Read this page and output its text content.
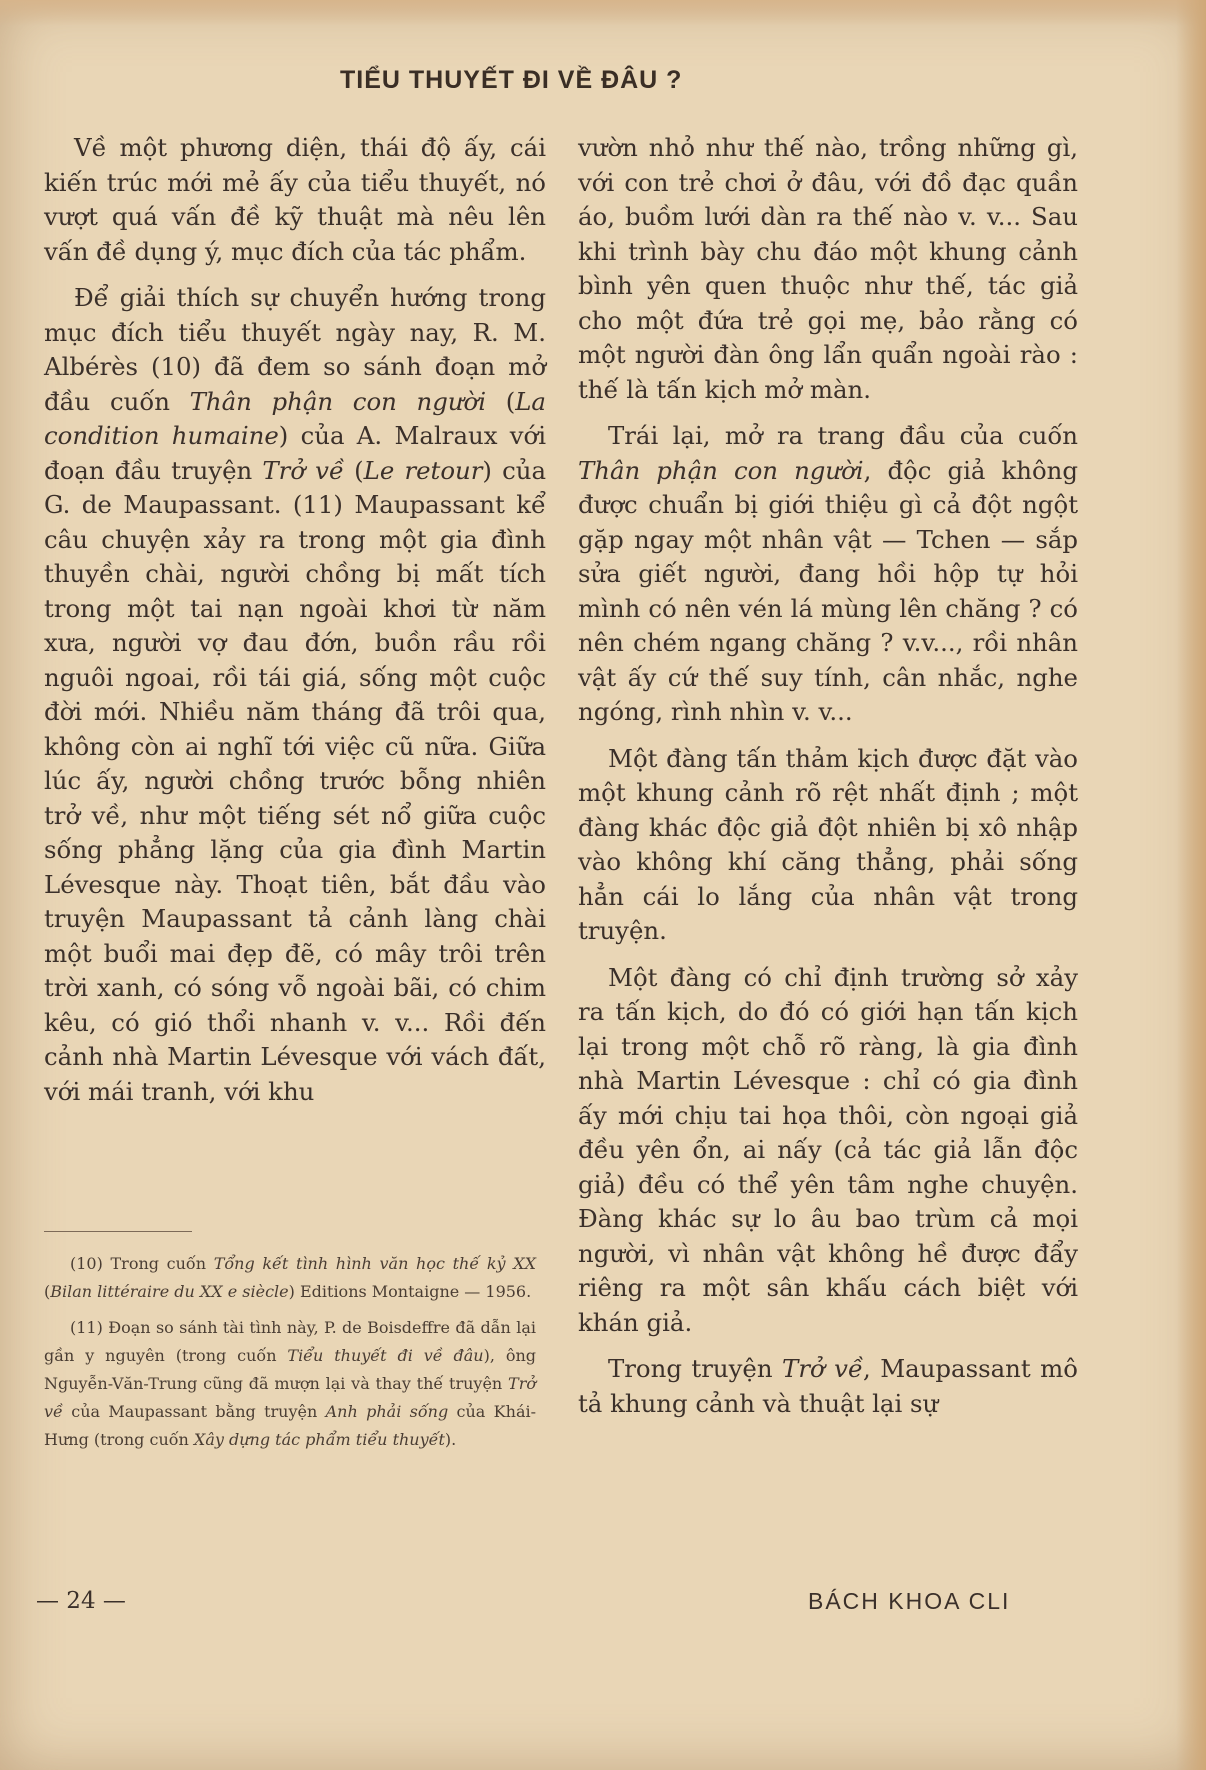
TIỂU THUYẾT ĐI VỀ ĐÂU ?

Về một phương diện, thái độ ấy, cái kiến trúc mới mẻ ấy của tiểu thuyết, nó vượt quá vấn đề kỹ thuật mà nêu lên vấn đề dụng ý, mục đích của tác phẩm.

Để giải thích sự chuyển hướng trong mục đích tiểu thuyết ngày nay, R. M. Albérès (10) đã đem so sánh đoạn mở đầu cuốn Thân phận con người (La condition humaine) của A. Malraux với đoạn đầu truyện Trở về (Le retour) của G. de Maupassant. (11) Maupassant kể câu chuyện xảy ra trong một gia đình thuyền chài, người chồng bị mất tích trong một tai nạn ngoài khơi từ năm xưa, người vợ đau đớn, buồn rầu rồi nguôi ngoai, rồi tái giá, sống một cuộc đời mới. Nhiều năm tháng đã trôi qua, không còn ai nghĩ tới việc cũ nữa. Giữa lúc ấy, người chồng trước bỗng nhiên trở về, như một tiếng sét nổ giữa cuộc sống phẳng lặng của gia đình Martin Lévesque này. Thoạt tiên, bắt đầu vào truyện Maupassant tả cảnh làng chài một buổi mai đẹp đẽ, có mây trôi trên trời xanh, có sóng vỗ ngoài bãi, có chim kêu, có gió thổi nhanh v. v... Rồi đến cảnh nhà Martin Lévesque với vách đất, với mái tranh, với khu

vườn nhỏ như thế nào, trồng những gì, với con trẻ chơi ở đâu, với đồ đạc quần áo, buồm lưới dàn ra thế nào v. v... Sau khi trình bày chu đáo một khung cảnh bình yên quen thuộc như thế, tác giả cho một đứa trẻ gọi mẹ, bảo rằng có một người đàn ông lẩn quẩn ngoài rào : thế là tấn kịch mở màn.

Trái lại, mở ra trang đầu của cuốn Thân phận con người, độc giả không được chuẩn bị giới thiệu gì cả đột ngột gặp ngay một nhân vật — Tchen — sắp sửa giết người, đang hồi hộp tự hỏi mình có nên vén lá mùng lên chăng ? có nên chém ngang chăng ? v.v..., rồi nhân vật ấy cứ thế suy tính, cân nhắc, nghe ngóng, rình nhìn v. v...

Một đàng tấn thảm kịch được đặt vào một khung cảnh rõ rệt nhất định ; một đàng khác độc giả đột nhiên bị xô nhập vào không khí căng thẳng, phải sống hẳn cái lo lắng của nhân vật trong truyện.

Một đàng có chỉ định trường sở xảy ra tấn kịch, do đó có giới hạn tấn kịch lại trong một chỗ rõ ràng, là gia đình nhà Martin Lévesque : chỉ có gia đình ấy mới chịu tai họa thôi, còn ngoại giả đều yên ổn, ai nấy (cả tác giả lẫn độc giả) đều có thể yên tâm nghe chuyện. Đàng khác sự lo âu bao trùm cả mọi người, vì nhân vật không hề được đẩy riêng ra một sân khấu cách biệt với khán giả.

Trong truyện Trở về, Maupassant mô tả khung cảnh và thuật lại sự

(10) Trong cuốn Tổng kết tình hình văn học thế kỷ XX (Bilan littéraire du XX e siècle) Editions Montaigne — 1956.

(11) Đoạn so sánh tài tình này, P. de Boisdeffre đã dẫn lại gần y nguyên (trong cuốn Tiểu thuyết đi về đâu), ông Nguyễn-Văn-Trung cũng đã mượn lại và thay thế truyện Trở về của Maupassant bằng truyện Anh phải sống của Khái-Hưng (trong cuốn Xây dựng tác phẩm tiểu thuyết).

— 24 —	BÁCH KHOA CLI
